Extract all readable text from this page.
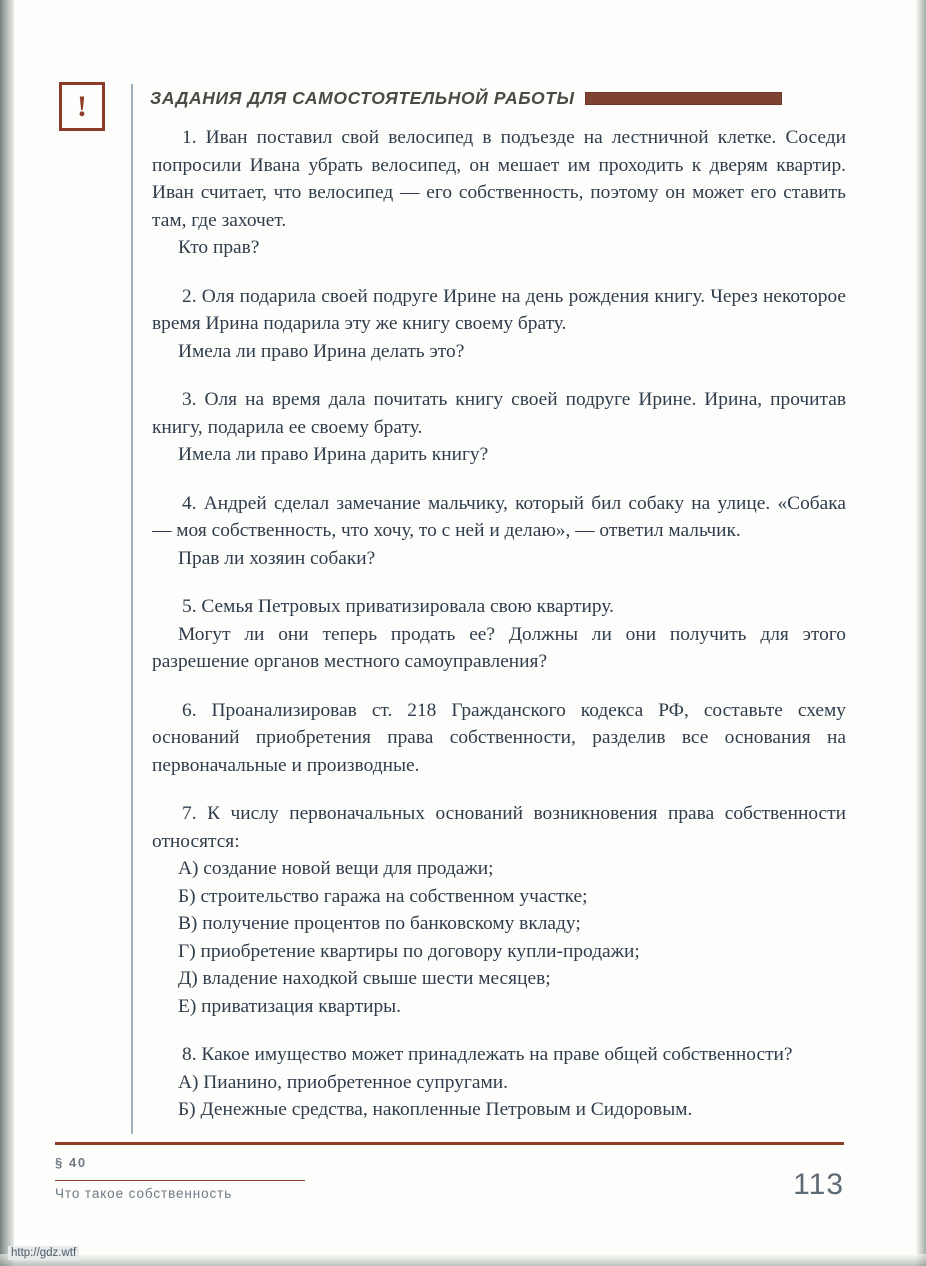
!	ЗАДАНИЯ ДЛЯ САМОСТОЯТЕЛЬНОЙ РАБОТЫ

1. Иван поставил свой велосипед в подъезде на лестничной клетке. Соседи попросили Ивана убрать велосипед, он мешает им проходить к дверям квартир. Иван считает, что велосипед — его собственность, поэтому он может его ставить там, где захочет.

Кто прав?

2. Оля подарила своей подруге Ирине на день рождения книгу. Через некоторое время Ирина подарила эту же книгу своему брату.

Имела ли право Ирина делать это?

3. Оля на время дала почитать книгу своей подруге Ирине. Ирина, прочитав книгу, подарила ее своему брату.

Имела ли право Ирина дарить книгу?

4. Андрей сделал замечание мальчику, который бил собаку на улице. «Собака — моя собственность, что хочу, то с ней и делаю», — ответил мальчик.

Прав ли хозяин собаки?

5. Семья Петровых приватизировала свою квартиру.

Могут ли они теперь продать ее? Должны ли они получить для этого разрешение органов местного самоуправления?

6. Проанализировав ст. 218 Гражданского кодекса РФ, составьте схему оснований приобретения права собственности, разделив все основания на первоначальные и производные.

7. К числу первоначальных оснований возникновения права собственности относятся:

А) создание новой вещи для продажи;

Б) строительство гаража на собственном участке;

В) получение процентов по банковскому вкладу;

Г) приобретение квартиры по договору купли-продажи;

Д) владение находкой свыше шести месяцев;

Е) приватизация квартиры.

8. Какое имущество может принадлежать на праве общей собственности?

А) Пианино, приобретенное супругами.

Б) Денежные средства, накопленные Петровым и Сидоровым.

§ 40
Что такое собственность	113
http://gdz.wtf
